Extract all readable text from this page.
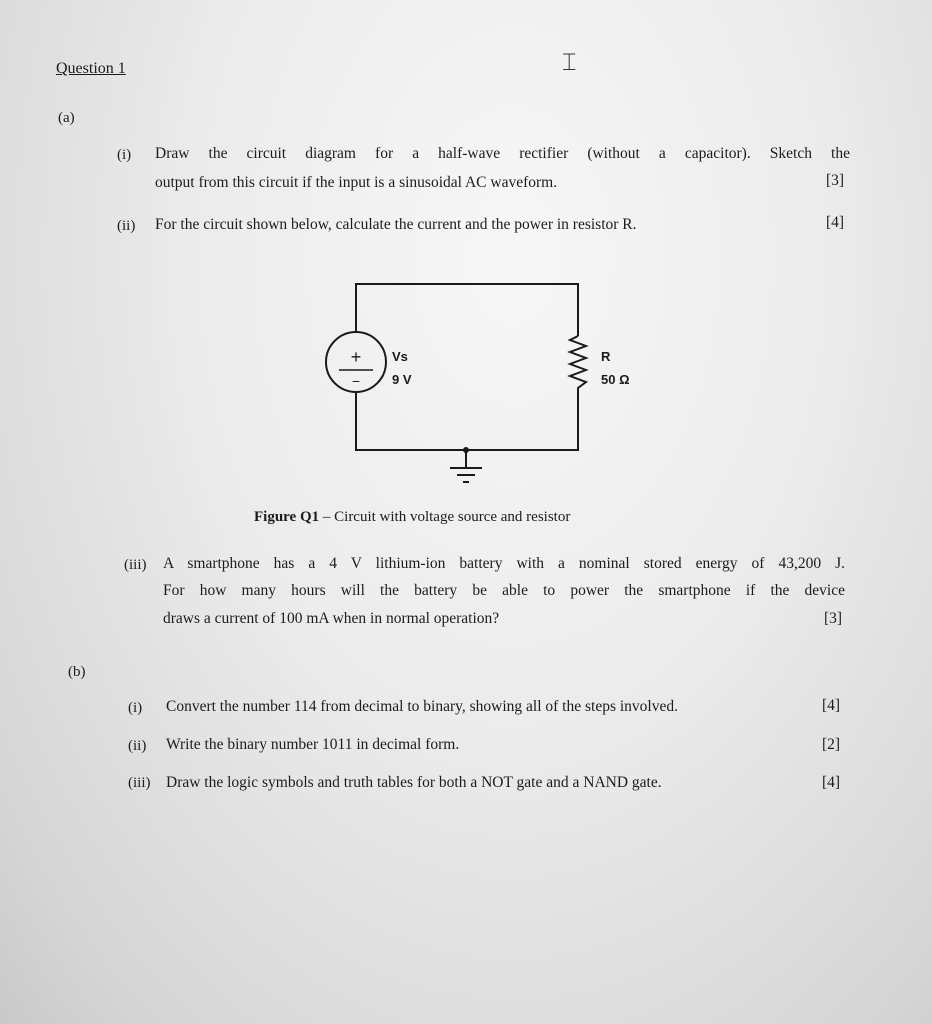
Question 1	⌶
(a)
(i) Draw the circuit diagram for a half-wave rectifier (without a capacitor). Sketch the
output from this circuit if the input is a sinusoidal AC waveform.	[3]
(ii) For the circuit shown below, calculate the current and the power in resistor R.	[4]
+
−
Vs
9 V
R
50 Ω
Figure Q1 – Circuit with voltage source and resistor
(iii) A smartphone has a 4 V lithium-ion battery with a nominal stored energy of 43,200 J.
For how many hours will the battery be able to power the smartphone if the device
draws a current of 100 mA when in normal operation?	[3]
(b)
(i) Convert the number 114 from decimal to binary, showing all of the steps involved.	[4]
(ii) Write the binary number 1011 in decimal form.	[2]
(iii) Draw the logic symbols and truth tables for both a NOT gate and a NAND gate.	[4]
